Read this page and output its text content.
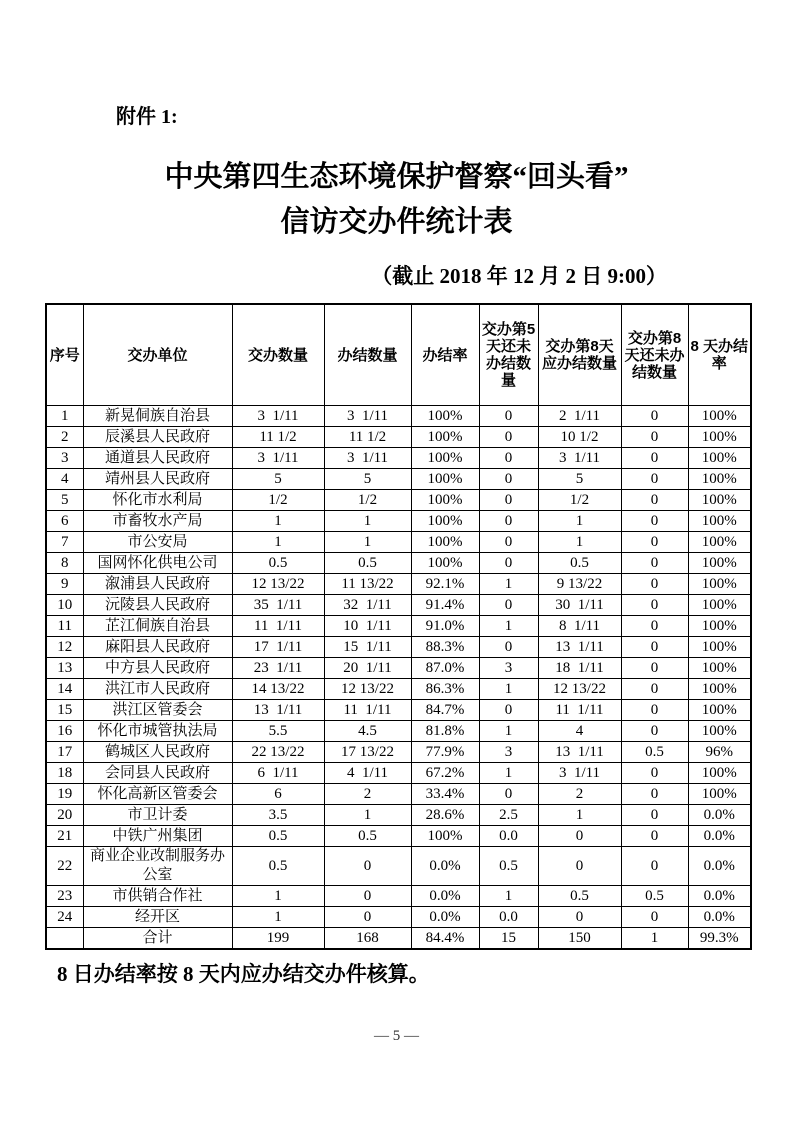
附件 1:
中央第四生态环境保护督察“回头看”
信访交办件统计表
（截止 2018 年 12 月 2 日 9:00）
序号	交办单位	交办数量	办结数量	办结率	交办第5天还未办结数量	交办第8天应办结数量	交办第8天还未办结数量	8 天办结率
1	新晃侗族自治县	3  1/11	3  1/11	100%	0	2  1/11	0	100%
2	辰溪县人民政府	11 1/2	11 1/2	100%	0	10 1/2	0	100%
3	通道县人民政府	3  1/11	3  1/11	100%	0	3  1/11	0	100%
4	靖州县人民政府	5	5	100%	0	5	0	100%
5	怀化市水利局	1/2	1/2	100%	0	1/2	0	100%
6	市畜牧水产局	1	1	100%	0	1	0	100%
7	市公安局	1	1	100%	0	1	0	100%
8	国网怀化供电公司	0.5	0.5	100%	0	0.5	0	100%
9	溆浦县人民政府	12 13/22	11 13/22	92.1%	1	9 13/22	0	100%
10	沅陵县人民政府	35  1/11	32  1/11	91.4%	0	30  1/11	0	100%
11	芷江侗族自治县	11  1/11	10  1/11	91.0%	1	8  1/11	0	100%
12	麻阳县人民政府	17  1/11	15  1/11	88.3%	0	13  1/11	0	100%
13	中方县人民政府	23  1/11	20  1/11	87.0%	3	18  1/11	0	100%
14	洪江市人民政府	14 13/22	12 13/22	86.3%	1	12 13/22	0	100%
15	洪江区管委会	13  1/11	11  1/11	84.7%	0	11  1/11	0	100%
16	怀化市城管执法局	5.5	4.5	81.8%	1	4	0	100%
17	鹤城区人民政府	22 13/22	17 13/22	77.9%	3	13  1/11	0.5	96%
18	会同县人民政府	6  1/11	4  1/11	67.2%	1	3  1/11	0	100%
19	怀化高新区管委会	6	2	33.4%	0	2	0	100%
20	市卫计委	3.5	1	28.6%	2.5	1	0	0.0%
21	中铁广州集团	0.5	0.5	100%	0.0	0	0	0.0%
22	商业企业改制服务办公室	0.5	0	0.0%	0.5	0	0	0.0%
23	市供销合作社	1	0	0.0%	1	0.5	0.5	0.0%
24	经开区	1	0	0.0%	0.0	0	0	0.0%
	合计	199	168	84.4%	15	150	1	99.3%
8 日办结率按 8 天内应办结交办件核算。
— 5 —
